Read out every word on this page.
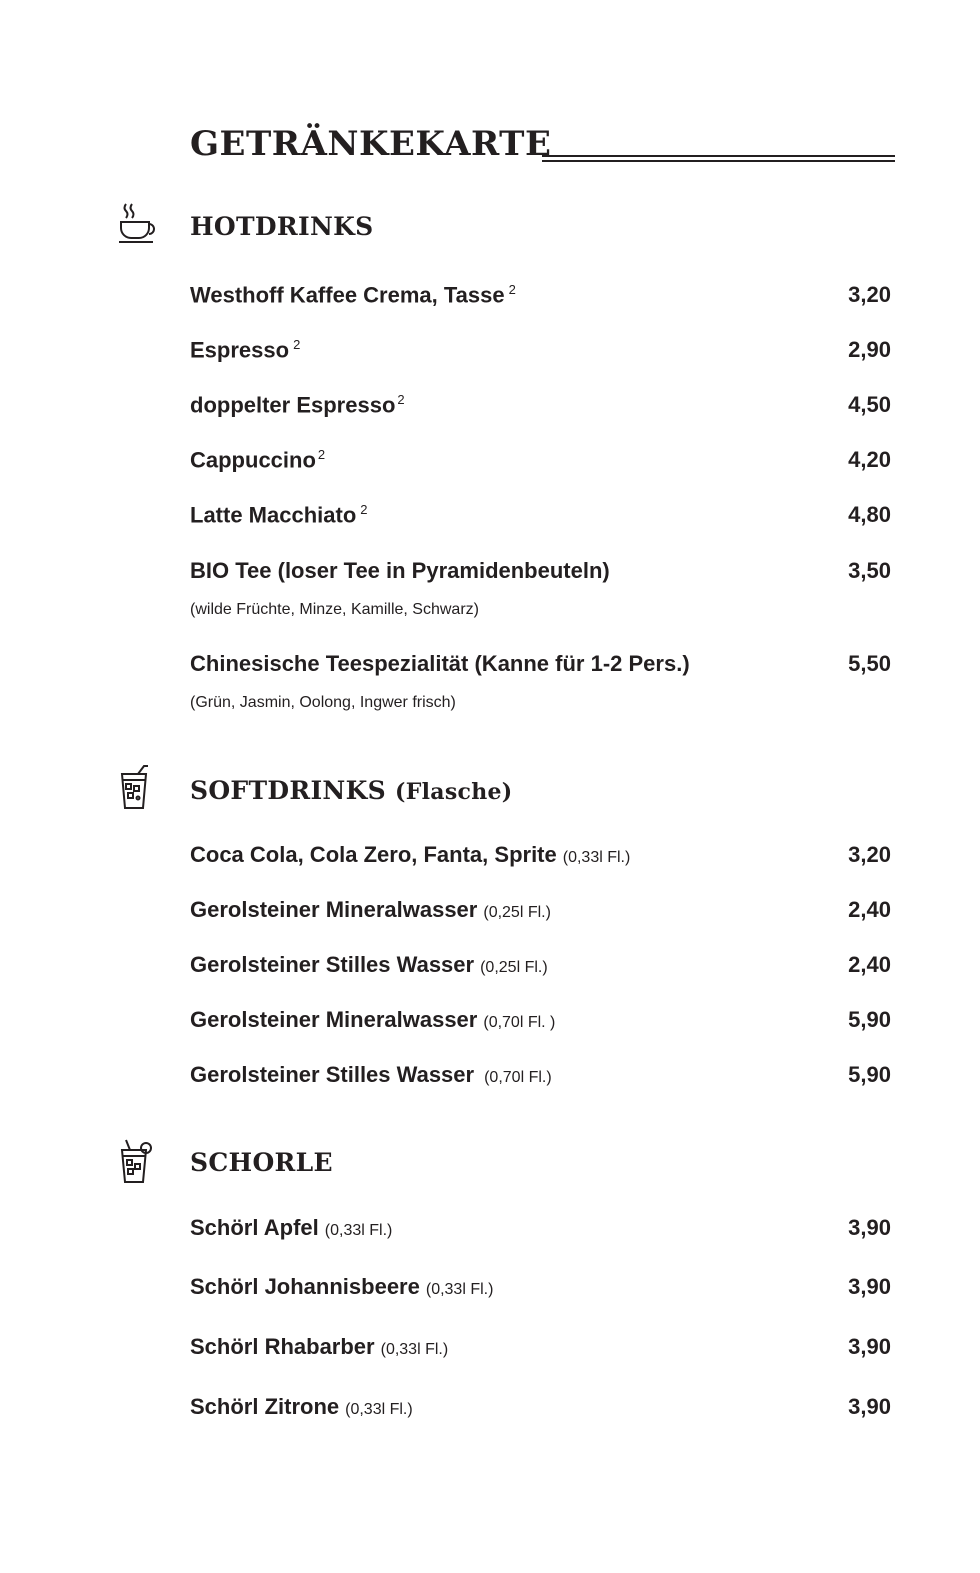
GETRÄNKEKARTE
HOTDRINKS
Westhoff Kaffee Crema, Tasse $^2$	3,20
Espresso $^2$	2,90
doppelter Espresso $^2$	4,50
Cappuccino $^2$	4,20
Latte Macchiato $^2$	4,80
BIO Tee (loser Tee in Pyramidenbeuteln)	3,50
(wilde Früchte, Minze, Kamille, Schwarz)
Chinesische Teespezialität (Kanne für 1-2 Pers.)	5,50
(Grün, Jasmin, Oolong, Ingwer frisch)
SOFTDRINKS (Flasche)
Coca Cola, Cola Zero, Fanta, Sprite (0,33l Fl.)	3,20
Gerolsteiner Mineralwasser (0,25l Fl.)	2,40
Gerolsteiner Stilles Wasser (0,25l Fl.)	2,40
Gerolsteiner Mineralwasser (0,70l Fl. )	5,90
Gerolsteiner Stilles Wasser (0,70l Fl.)	5,90
SCHORLE
Schörl Apfel (0,33l Fl.)	3,90
Schörl Johannisbeere (0,33l Fl.)	3,90
Schörl Rhabarber (0,33l Fl.)	3,90
Schörl Zitrone (0,33l Fl.)	3,90
